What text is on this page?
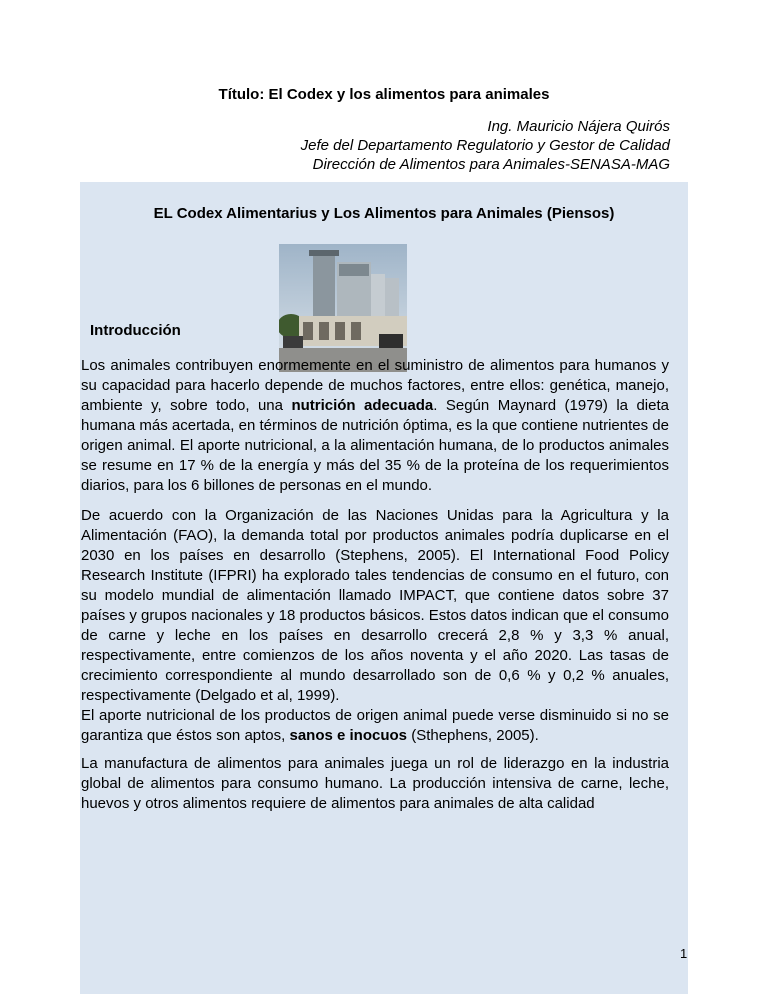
Título: El Codex y los alimentos para animales
Ing. Mauricio Nájera Quirós
Jefe del Departamento Regulatorio y Gestor de Calidad
Dirección de Alimentos para Animales-SENASA-MAG
EL Codex Alimentarius y Los Alimentos para Animales (Piensos)
Introducción

Los animales contribuyen enormemente en el suministro de alimentos para humanos y su capacidad para hacerlo depende de muchos factores, entre ellos: genética, manejo, ambiente y, sobre todo, una nutrición adecuada. Según Maynard (1979) la dieta humana más acertada, en términos de nutrición óptima, es la que contiene nutrientes de origen animal. El aporte nutricional, a la alimentación humana, de lo productos animales se resume en 17 % de la energía y más del 35 % de la proteína de los requerimientos diarios, para los 6 billones de personas en el mundo.

De acuerdo con la Organización de las Naciones Unidas para la Agricultura y la Alimentación (FAO), la demanda total por productos animales podría duplicarse en el 2030 en los países en desarrollo (Stephens, 2005). El International Food Policy Research Institute (IFPRI) ha explorado tales tendencias de consumo en el futuro, con su modelo mundial de alimentación llamado IMPACT, que contiene datos sobre 37 países y grupos nacionales y 18 productos básicos. Estos datos indican que el consumo de carne y leche en los países en desarrollo crecerá 2,8 % y 3,3 % anual, respectivamente, entre comienzos de los años noventa y el año 2020. Las tasas de crecimiento correspondiente al mundo desarrollado son de 0,6 % y 0,2 % anuales, respectivamente (Delgado et al, 1999).

El aporte nutricional de los productos de origen animal puede verse disminuido si no se garantiza que éstos son aptos, sanos e inocuos (Sthephens, 2005).

La manufactura de alimentos para animales juega un rol de liderazgo en la industria global de alimentos para consumo humano. La producción intensiva de carne, leche, huevos y otros alimentos requiere de alimentos para animales de alta calidad

1
